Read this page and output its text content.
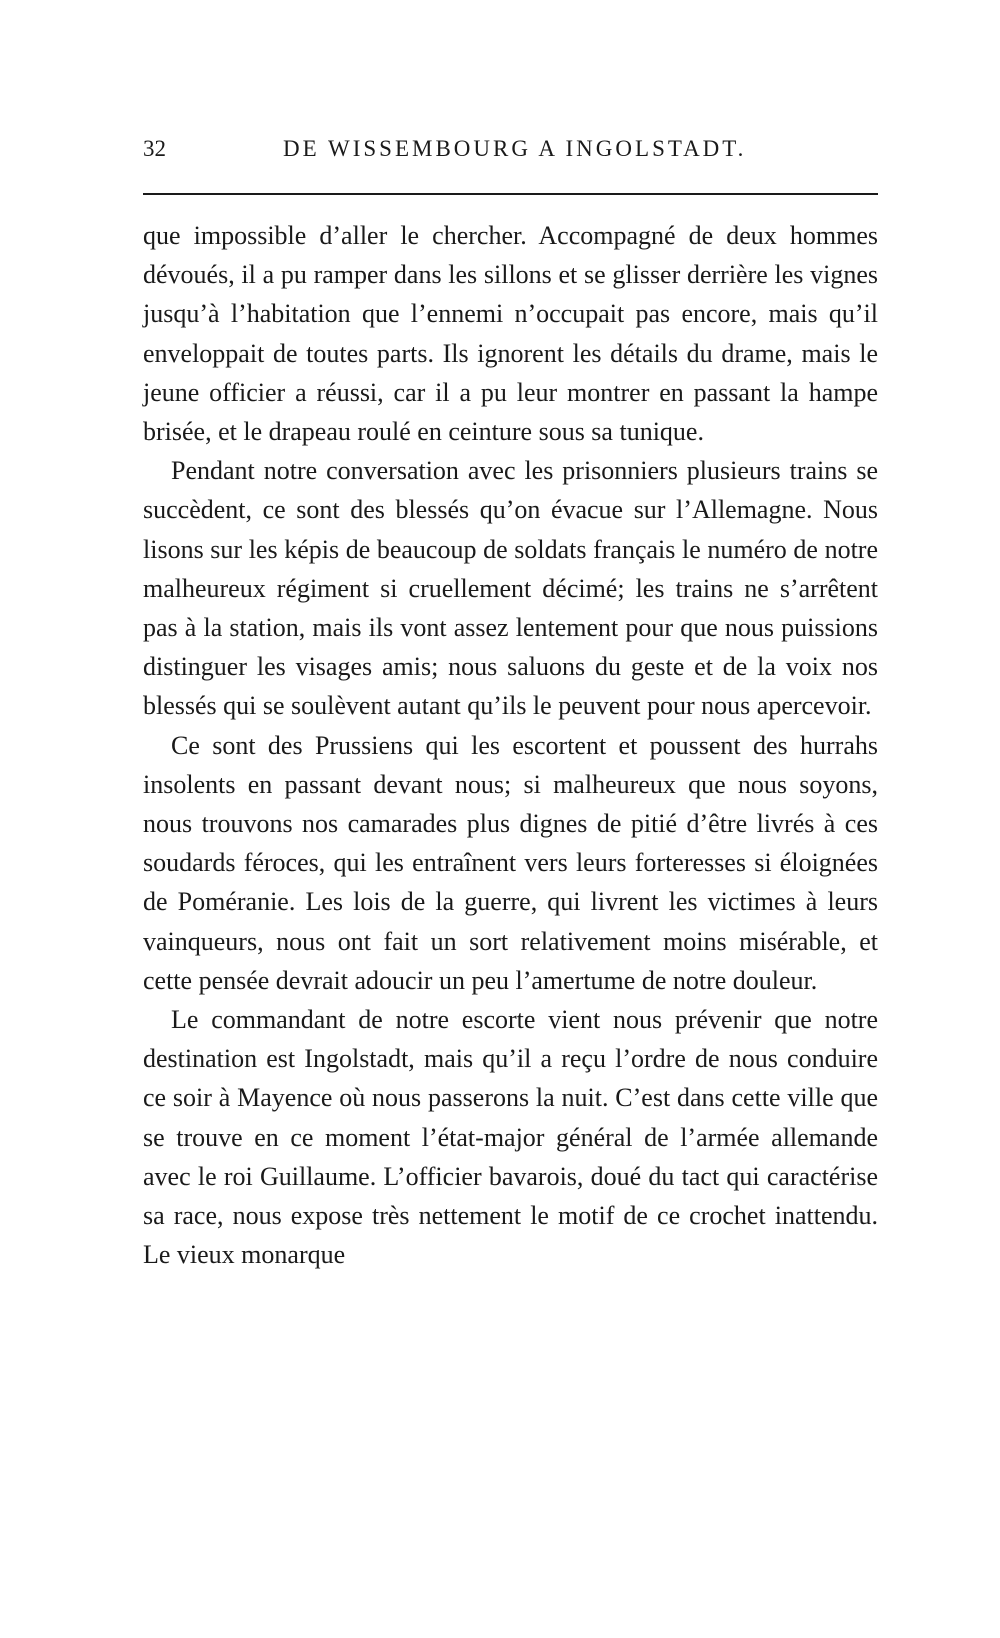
32	DE WISSEMBOURG A INGOLSTADT.

que impossible d’aller le chercher. Accompagné de deux hommes dévoués, il a pu ramper dans les sillons et se glisser derrière les vignes jusqu’à l’habitation que l’ennemi n’occupait pas encore, mais qu’il enveloppait de toutes parts. Ils ignorent les détails du drame, mais le jeune officier a réussi, car il a pu leur montrer en passant la hampe brisée, et le drapeau roulé en ceinture sous sa tunique.

Pendant notre conversation avec les prisonniers plusieurs trains se succèdent, ce sont des blessés qu’on évacue sur l’Allemagne. Nous lisons sur les képis de beaucoup de soldats français le numéro de notre malheureux régiment si cruellement décimé; les trains ne s’arrêtent pas à la station, mais ils vont assez lentement pour que nous puissions distinguer les visages amis; nous saluons du geste et de la voix nos blessés qui se soulèvent autant qu’ils le peuvent pour nous apercevoir.

Ce sont des Prussiens qui les escortent et poussent des hurrahs insolents en passant devant nous; si malheureux que nous soyons, nous trouvons nos camarades plus dignes de pitié d’être livrés à ces soudards féroces, qui les entraînent vers leurs forteresses si éloignées de Poméranie. Les lois de la guerre, qui livrent les victimes à leurs vainqueurs, nous ont fait un sort relativement moins misérable, et cette pensée devrait adoucir un peu l’amertume de notre douleur.

Le commandant de notre escorte vient nous prévenir que notre destination est Ingolstadt, mais qu’il a reçu l’ordre de nous conduire ce soir à Mayence où nous passerons la nuit. C’est dans cette ville que se trouve en ce moment l’état-major général de l’armée allemande avec le roi Guillaume. L’officier bavarois, doué du tact qui caractérise sa race, nous expose très nettement le motif de ce crochet inattendu. Le vieux monarque
